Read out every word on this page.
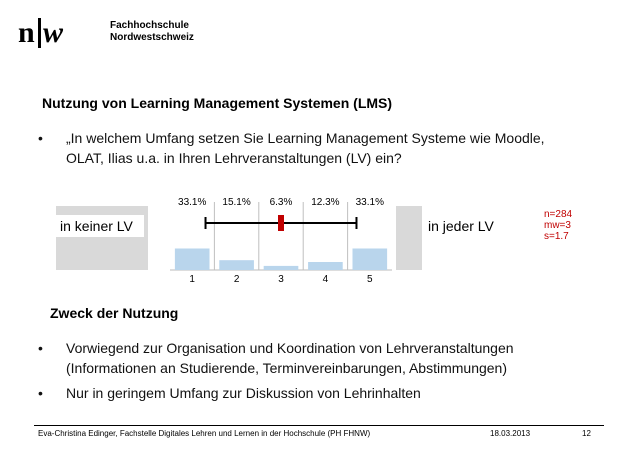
n w	Fachhochschule
Nordwestschweiz
Nutzung von Learning Management Systemen (LMS)
• „In welchem Umfang setzen Sie Learning Management Systeme wie Moodle,
OLAT, Ilias u.a. in Ihren Lehrveranstaltungen (LV) ein?
in keiner LV	in jeder LV
33.1% 15.1% 6.3% 12.3% 33.1%
1	2	3	4	5
n=284
mw=3
s=1.7
Zweck der Nutzung
• Vorwiegend zur Organisation und Koordination von Lehrveranstaltungen
(Informationen an Studierende, Terminvereinbarungen, Abstimmungen)
• Nur in geringem Umfang zur Diskussion von Lehrinhalten
Eva-Christina Edinger, Fachstelle Digitales Lehren und Lernen in der Hochschule (PH FHNW)	18.03.2013	12
